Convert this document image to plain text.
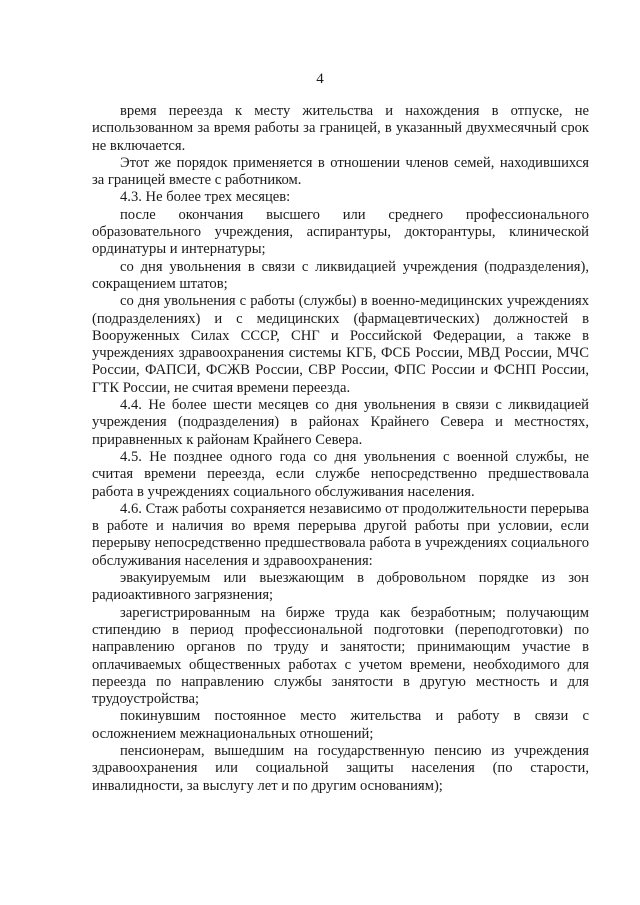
4

время переезда к месту жительства и нахождения в отпуске, не использованном за время работы за границей, в указанный двухмесячный срок не включается.

Этот же порядок применяется в отношении членов семей, находившихся за границей вместе с работником.

4.3. Не более трех месяцев:

после окончания высшего или среднего профессионального образовательного учреждения, аспирантуры, докторантуры, клинической ординатуры и интернатуры;

со дня увольнения в связи с ликвидацией учреждения (подразделения), сокращением штатов;

со дня увольнения с работы (службы) в военно-медицинских учреждениях (подразделениях) и с медицинских (фармацевтических) должностей в Вооруженных Силах СССР, СНГ и Российской Федерации, а также в учреждениях здравоохранения системы КГБ, ФСБ России, МВД России, МЧС России, ФАПСИ, ФСЖВ России, СВР России, ФПС России и ФСНП России, ГТК России, не считая времени переезда.

4.4. Не более шести месяцев со дня увольнения в связи с ликвидацией учреждения (подразделения) в районах Крайнего Севера и местностях, приравненных к районам Крайнего Севера.

4.5. Не позднее одного года со дня увольнения с военной службы, не считая времени переезда, если службе непосредственно предшествовала работа в учреждениях социального обслуживания населения.

4.6. Стаж работы сохраняется независимо от продолжительности перерыва в работе и наличия во время перерыва другой работы при условии, если перерыву непосредственно предшествовала работа в учреждениях социального обслуживания населения и здравоохранения:

эвакуируемым или выезжающим в добровольном порядке из зон радиоактивного загрязнения;

зарегистрированным на бирже труда как безработным; получающим стипендию в период профессиональной подготовки (переподготовки) по направлению органов по труду и занятости; принимающим участие в оплачиваемых общественных работах с учетом времени, необходимого для переезда по направлению службы занятости в другую местность и для трудоустройства;

покинувшим постоянное место жительства и работу в связи с осложнением межнациональных отношений;

пенсионерам, вышедшим на государственную пенсию из учреждения здравоохранения или социальной защиты населения (по старости, инвалидности, за выслугу лет и по другим основаниям);
